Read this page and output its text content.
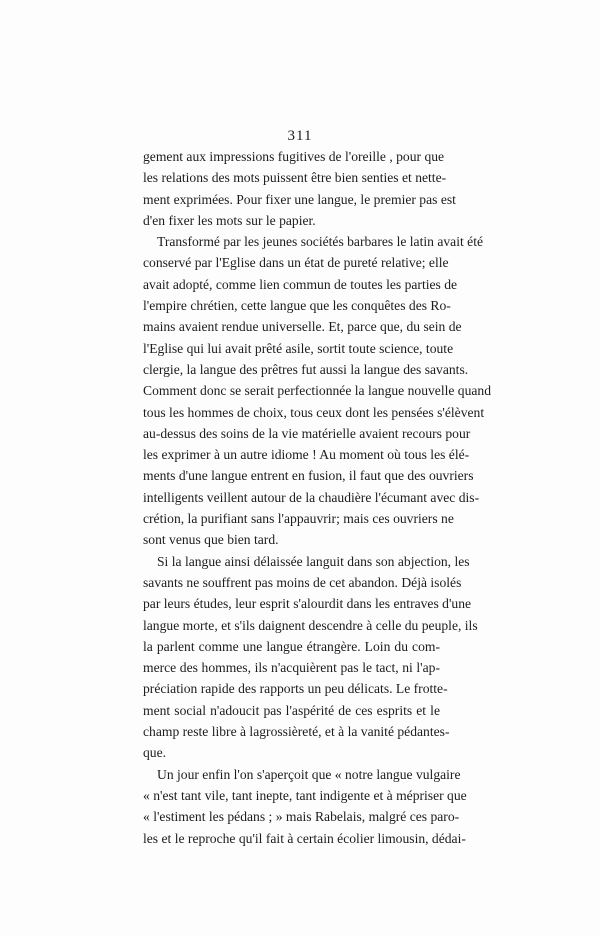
311
gement aux impressions fugitives de l'oreille , pour que
les relations des mots puissent être bien senties et nette-
ment exprimées. Pour fixer une langue, le premier pas est
d'en fixer les mots sur le papier.
Transformé par les jeunes sociétés barbares le latin avait été
conservé par l'Eglise dans un état de pureté relative; elle
avait adopté, comme lien commun de toutes les parties de
l'empire chrétien, cette langue que les conquêtes des Ro-
mains avaient rendue universelle. Et, parce que, du sein de
l'Eglise qui lui avait prêté asile, sortit toute science, toute
clergie, la langue des prêtres fut aussi la langue des savants.
Comment donc se serait perfectionnée la langue nouvelle quand
tous les hommes de choix, tous ceux dont les pensées s'élèvent
au-dessus des soins de la vie matérielle avaient recours pour
les exprimer à un autre idiome ! Au moment où tous les élé-
ments d'une langue entrent en fusion, il faut que des ouvriers
intelligents veillent autour de la chaudière l'écumant avec dis-
crétion, la purifiant sans l'appauvrir; mais ces ouvriers ne
sont venus que bien tard.
Si la langue ainsi délaissée languit dans son abjection, les
savants ne souffrent pas moins de cet abandon. Déjà isolés
par leurs études, leur esprit s'alourdit dans les entraves d'une
langue morte, et s'ils daignent descendre à celle du peuple, ils
la parlent comme une langue étrangère. Loin du com-
merce des hommes, ils n'acquièrent pas le tact, ni l'ap-
préciation rapide des rapports un peu délicats. Le frotte-
ment social n'adoucit pas l'aspérité de ces esprits et le
champ reste libre à lagrossièreté, et à la vanité pédantes-
que.
Un jour enfin l'on s'aperçoit que « notre langue vulgaire
« n'est tant vile, tant inepte, tant indigente et à mépriser que
« l'estiment les pédans ; » mais Rabelais, malgré ces paro-
les et le reproche qu'il fait à certain écolier limousin, dédai-
